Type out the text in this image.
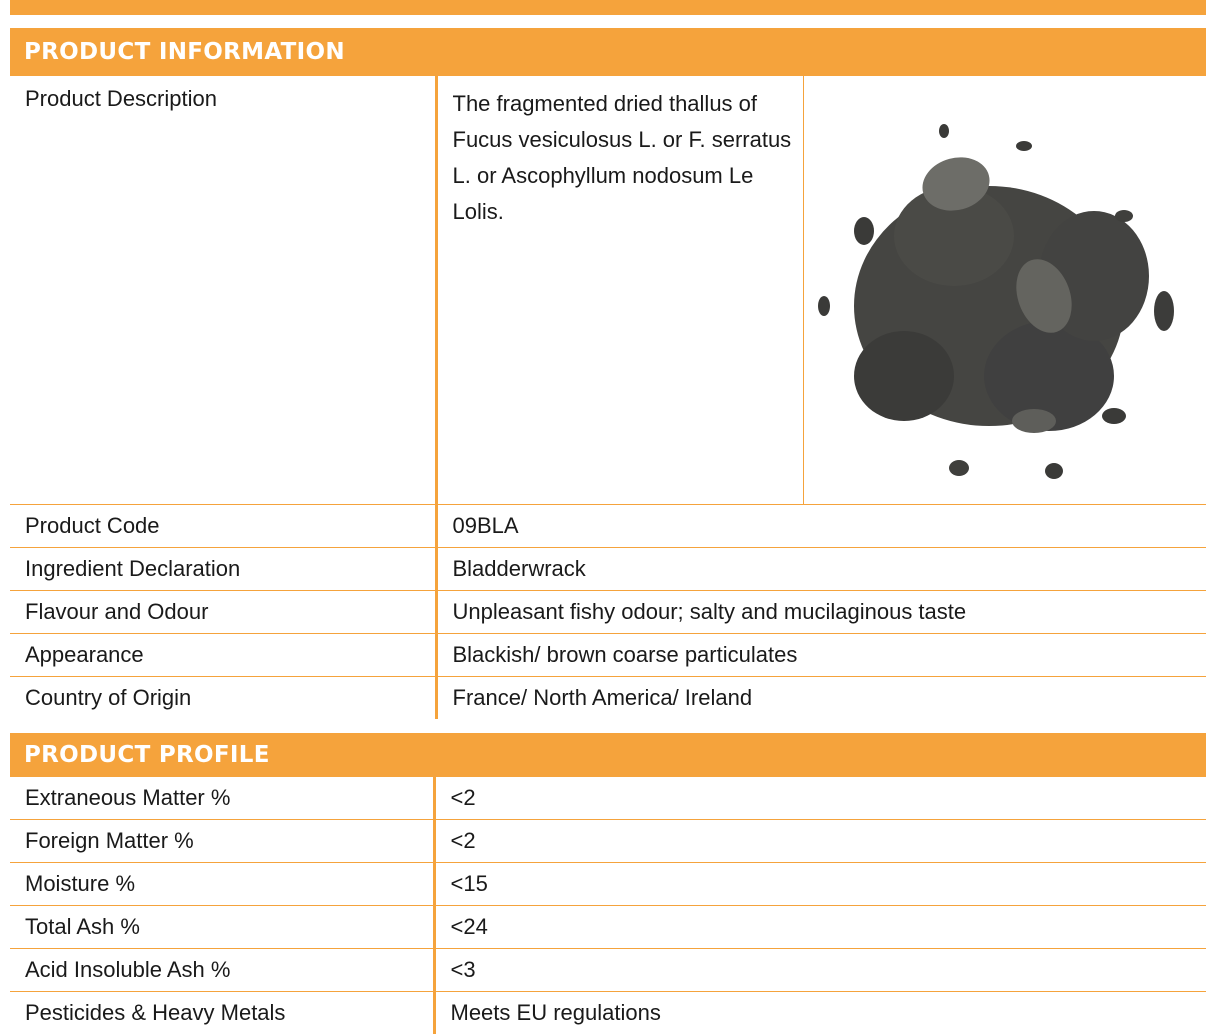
PRODUCT INFORMATION
Product Description	The fragmented dried thallus of Fucus vesiculosus L. or F. serratus L. or Ascophyllum nodosum Le Lolis.	
Product Code	09BLA	
Ingredient Declaration	Bladderwrack	
Flavour and Odour	Unpleasant fishy odour; salty and mucilaginous taste	
Appearance	Blackish/ brown coarse particulates	
Country of Origin	France/ North America/ Ireland	
PRODUCT PROFILE
Extraneous Matter %	<2
Foreign Matter %	<2
Moisture %	<15
Total Ash %	<24
Acid Insoluble Ash %	<3
Pesticides & Heavy Metals	Meets EU regulations
